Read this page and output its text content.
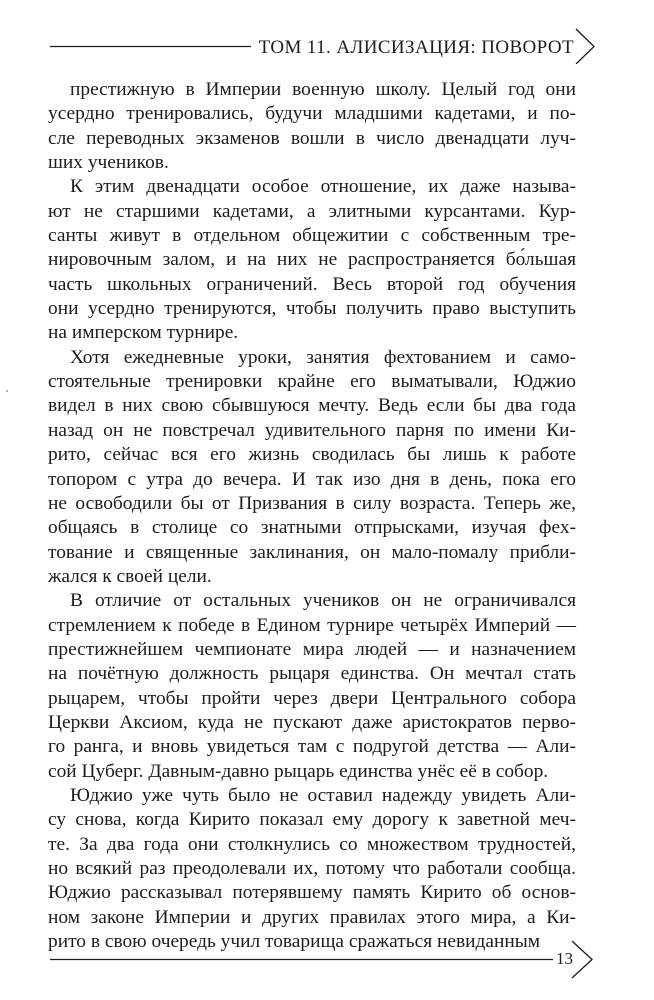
ТОМ 11. АЛИСИЗАЦИЯ: ПОВОРОТ
престижную в Империи военную школу. Целый год они
усердно тренировались, будучи младшими кадетами, и по-
сле переводных экзаменов вошли в число двенадцати луч-
ших учеников.
К этим двенадцати особое отношение, их даже называ-
ют не старшими кадетами, а элитными курсантами. Кур-
санты живут в отдельном общежитии с собственным тре-
нировочным залом, и на них не распространяется бо́льшая
часть школьных ограничений. Весь второй год обучения
они усердно тренируются, чтобы получить право выступить
на имперском турнире.
Хотя ежедневные уроки, занятия фехтованием и само-
стоятельные тренировки крайне его выматывали, Юджио
видел в них свою сбывшуюся мечту. Ведь если бы два года
назад он не повстречал удивительного парня по имени Ки-
рито, сейчас вся его жизнь сводилась бы лишь к работе
топором с утра до вечера. И так изо дня в день, пока его
не освободили бы от Призвания в силу возраста. Теперь же,
общаясь в столице со знатными отпрысками, изучая фех-
тование и священные заклинания, он мало-помалу прибли-
жался к своей цели.
В отличие от остальных учеников он не ограничивался
стремлением к победе в Едином турнире четырёх Империй —
престижнейшем чемпионате мира людей — и назначением
на почётную должность рыцаря единства. Он мечтал стать
рыцарем, чтобы пройти через двери Центрального собора
Церкви Аксиом, куда не пускают даже аристократов перво-
го ранга, и вновь увидеться там с подругой детства — Али-
сой Цуберг. Давным-давно рыцарь единства унёс её в собор.
Юджио уже чуть было не оставил надежду увидеть Али-
су снова, когда Кирито показал ему дорогу к заветной меч-
те. За два года они столкнулись со множеством трудностей,
но всякий раз преодолевали их, потому что работали сообща.
Юджио рассказывал потерявшему память Кирито об основ-
ном законе Империи и других правилах этого мира, а Ки-
рито в свою очередь учил товарища сражаться невиданным
13
